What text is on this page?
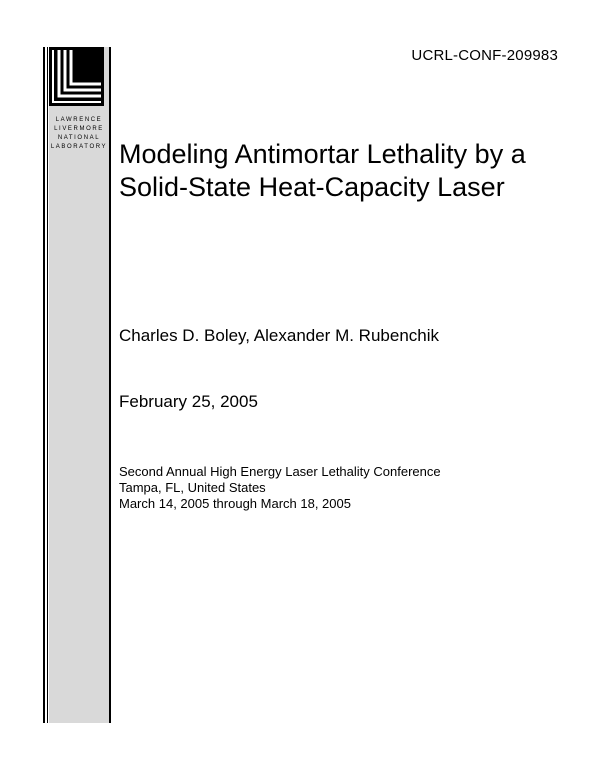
UCRL-CONF-209983
LAWRENCE
LIVERMORE
NATIONAL
LABORATORY Modeling Antimortar Lethality by a Solid-State Heat-Capacity Laser
Charles D. Boley, Alexander M. Rubenchik
February 25, 2005
Second Annual High Energy Laser Lethality Conference
Tampa, FL, United States
March 14, 2005 through March 18, 2005
